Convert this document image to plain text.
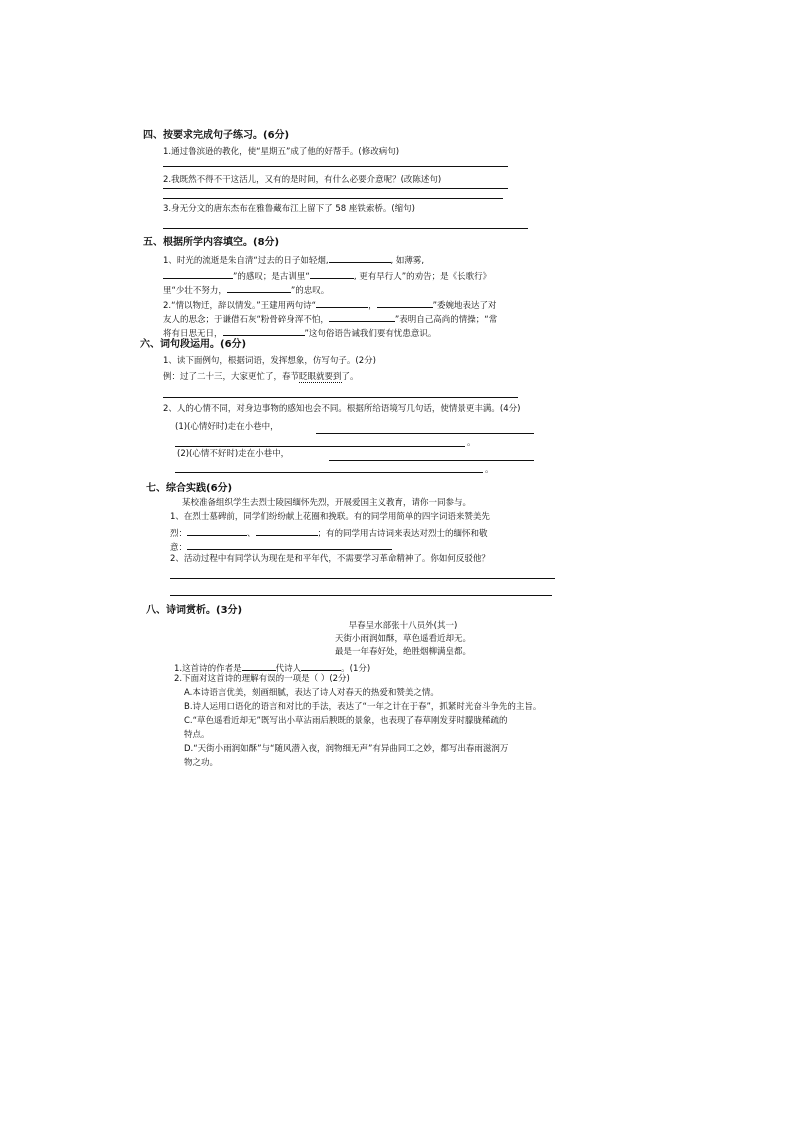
四、按要求完成句子练习。(6分)
1.通过鲁滨逊的教化，使“星期五”成了他的好帮手。(修改病句)
2.我既然不得不干这活儿，又有的是时间，有什么必要介意呢？(改陈述句)
3.身无分文的唐东杰布在雅鲁藏布江上留下了 58 座铁索桥。(缩句)
五、根据所学内容填空。(8分)
1、时光的流逝是朱自清“过去的日子如轻烟,	, 如薄雾,
”的感叹；是古训里“	, 更有早行人”的劝告；是《长歌行》
里“少壮不努力，	”的忠叹。
2.“情以物迁，辞以情发。”王建用两句诗“	，	”委婉地表达了对
友人的思念；于谦借石灰“粉骨碎身浑不怕，	”表明自己高尚的情操；“常
将有日思无日，	”这句俗语告诫我们要有忧患意识。
六、词句段运用。(6分)
1、读下面例句，根据词语，发挥想象，仿写句子。(2分)
例：过了二十三，大家更忙了，春节眨眼就要到了。
2、人的心情不同，对身边事物的感知也会不同。根据所给语境写几句话，使情景更丰满。(4分)
(1)(心情好时)走在小巷中，
。
(2)(心情不好时)走在小巷中，
。
七、综合实践(6分)
某校准备组织学生去烈士陵园缅怀先烈，开展爱国主义教育，请你一同参与。
1、在烈士墓碑前，同学们纷纷献上花圈和挽联。有的同学用简单的四字词语来赞美先
烈：	、	；有的同学用古诗词来表达对烈士的缅怀和敬
意：
2、活动过程中有同学认为现在是和平年代，不需要学习革命精神了。你如何反驳他？
八、诗词赏析。(3分)
早春呈水部张十八员外(其一)
天街小雨润如酥，草色遥看近却无。
最是一年春好处，绝胜烟柳满皇都。
1.这首诗的作者是	代诗人	。(1分)
2.下面对这首诗的理解有误的一项是（ ）(2分)
A.本诗语言优美，刻画细腻，表达了诗人对春天的热爱和赞美之情。
B.诗人运用口语化的语言和对比的手法，表达了“一年之计在于春”，抓紧时光奋斗争先的主旨。
C.“草色遥看近却无”既写出小草沾雨后腴既的景象，也表现了春草刚发芽时朦胧稀疏的
特点。
D.“天街小雨润如酥”与“随风潜入夜，润物细无声”有异曲同工之妙，都写出春雨滋润万
物之功。
